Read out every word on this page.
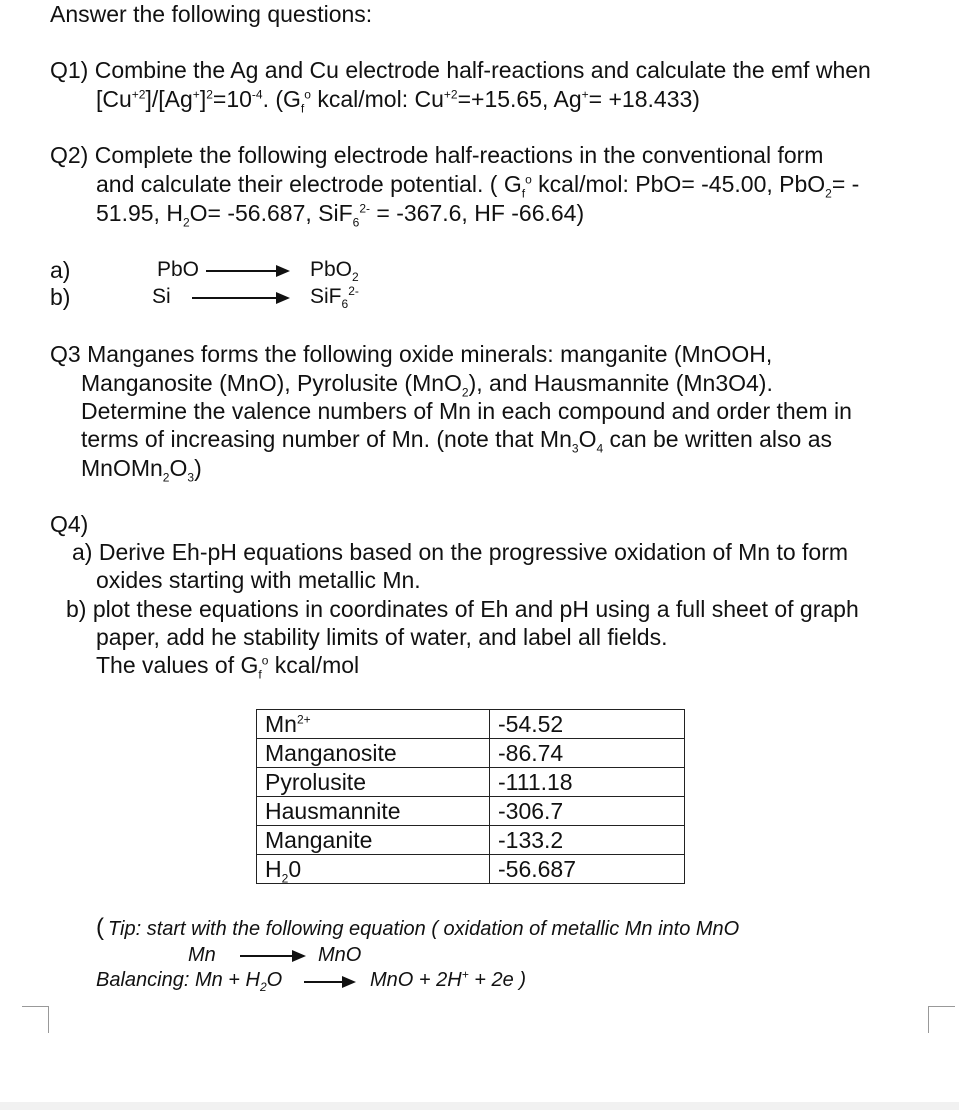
Answer the following questions:
Q1) Combine the Ag and Cu electrode half-reactions and calculate the emf when
$[Cu^{+2}]/[Ag^+]^2=10^{-4}$. ($G_f^o$ kcal/mol: $Cu^{+2}=+15.65$, Ag+= +18.433)
Q2) Complete the following electrode half-reactions in the conventional form
and calculate their electrode potential. ( $G_f^o$ kcal/mol: PbO= -45.00, PbO$_2$= -
51.95, $H_2O= -56.687$, SiF$_6^{2-}$ = -367.6, HF -66.64)
a)	PbO	PbO$_2$
b)	Si	SiF$_6^{2-}$
Q3 Manganes forms the following oxide minerals: manganite (MnOOH,
Manganosite (MnO), Pyrolusite (MnO$_2$), and Hausmannite (Mn3O4).
Determine the valence numbers of Mn in each compound and order them in
terms of increasing number of Mn. (note that $Mn_3O_4$ can be written also as
$MnOMn_2O_3$)
Q4)
a) Derive Eh-pH equations based on the progressive oxidation of Mn to form
oxides starting with metallic Mn.
b) plot these equations in coordinates of Eh and pH using a full sheet of graph
paper, add he stability limits of water, and label all fields.
The values of $G_f^o$ kcal/mol
$Mn^{2+}$	-54.52
Manganosite	-86.74
Pyrolusite	-111.18
Hausmannite	-306.7
Manganite	-133.2
$H_20$	-56.687
( Tip: start with the following equation ( oxidation of metallic Mn into MnO
Mn	MnO
Balancing: $Mn + H_2O$	MnO + 2H+ + 2e )
